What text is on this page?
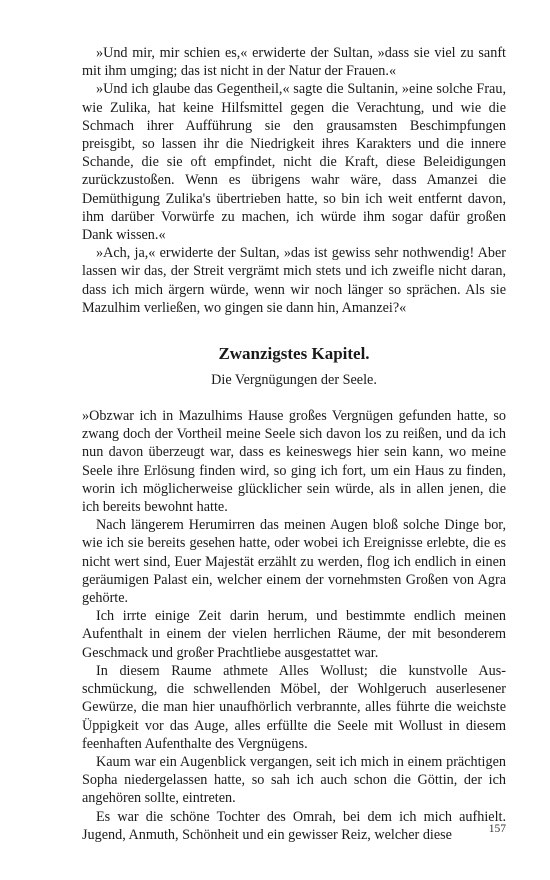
»Und mir, mir schien es,« erwiderte der Sultan, »dass sie viel zu sanft mit ihm umging; das ist nicht in der Natur der Frauen.«

»Und ich glaube das Gegentheil,« sagte die Sultanin, »eine solche Frau, wie Zulika, hat keine Hilfsmittel gegen die Verachtung, und wie die Schmach ihrer Aufführung sie den grausamsten Beschimpfungen preisgibt, so lassen ihr die Niedrigkeit ihres Karakters und die innere Schande, die sie oft empfindet, nicht die Kraft, diese Beleidigungen zurückzustoßen. Wenn es übrigens wahr wäre, dass Amanzei die Demüthigung Zulika's übertrieben hatte, so bin ich weit entfernt davon, ihm darüber Vorwürfe zu machen, ich würde ihm sogar dafür großen Dank wissen.«

»Ach, ja,« erwiderte der Sultan, »das ist gewiss sehr nothwendig! Aber lassen wir das, der Streit vergrämt mich stets und ich zweifle nicht daran, dass ich mich ärgern würde, wenn wir noch länger so sprächen. Als sie Mazulhim verließen, wo gingen sie dann hin, Amanzei?«

Zwanzigstes Kapitel.
Die Vergnügungen der Seele.

»Obzwar ich in Mazulhims Hause großes Vergnügen gefunden hatte, so zwang doch der Vortheil meine Seele sich davon los zu reißen, und da ich nun davon überzeugt war, dass es keineswegs hier sein kann, wo meine Seele ihre Erlösung finden wird, so ging ich fort, um ein Haus zu finden, worin ich möglicherweise glücklicher sein würde, als in allen jenen, die ich bereits bewohnt hatte.

Nach längerem Herumirren das meinen Augen bloß solche Dinge bor, wie ich sie bereits gesehen hatte, oder wobei ich Ereignisse erlebte, die es nicht wert sind, Euer Majestät erzählt zu werden, flog ich endlich in einen geräumigen Palast ein, welcher einem der vornehmsten Großen von Agra gehörte.

Ich irrte einige Zeit darin herum, und bestimmte endlich meinen Aufenthalt in einem der vielen herrlichen Räume, der mit besonderem Geschmack und großer Prachtliebe ausgestattet war.

In diesem Raume athmete Alles Wollust; die kunstvolle Ausschmückung, die schwellenden Möbel, der Wohlgeruch auserlesener Gewürze, die man hier unaufhörlich verbrannte, alles führte die weichste Üppigkeit vor das Auge, alles erfüllte die Seele mit Wollust in diesem feenhaften Aufenthalte des Vergnügens.

Kaum war ein Augenblick vergangen, seit ich mich in einem prächtigen Sopha niedergelassen hatte, so sah ich auch schon die Göttin, der ich angehören sollte, eintreten.

Es war die schöne Tochter des Omrah, bei dem ich mich aufhielt. Jugend, Anmuth, Schönheit und ein gewisser Reiz, welcher diese	157
